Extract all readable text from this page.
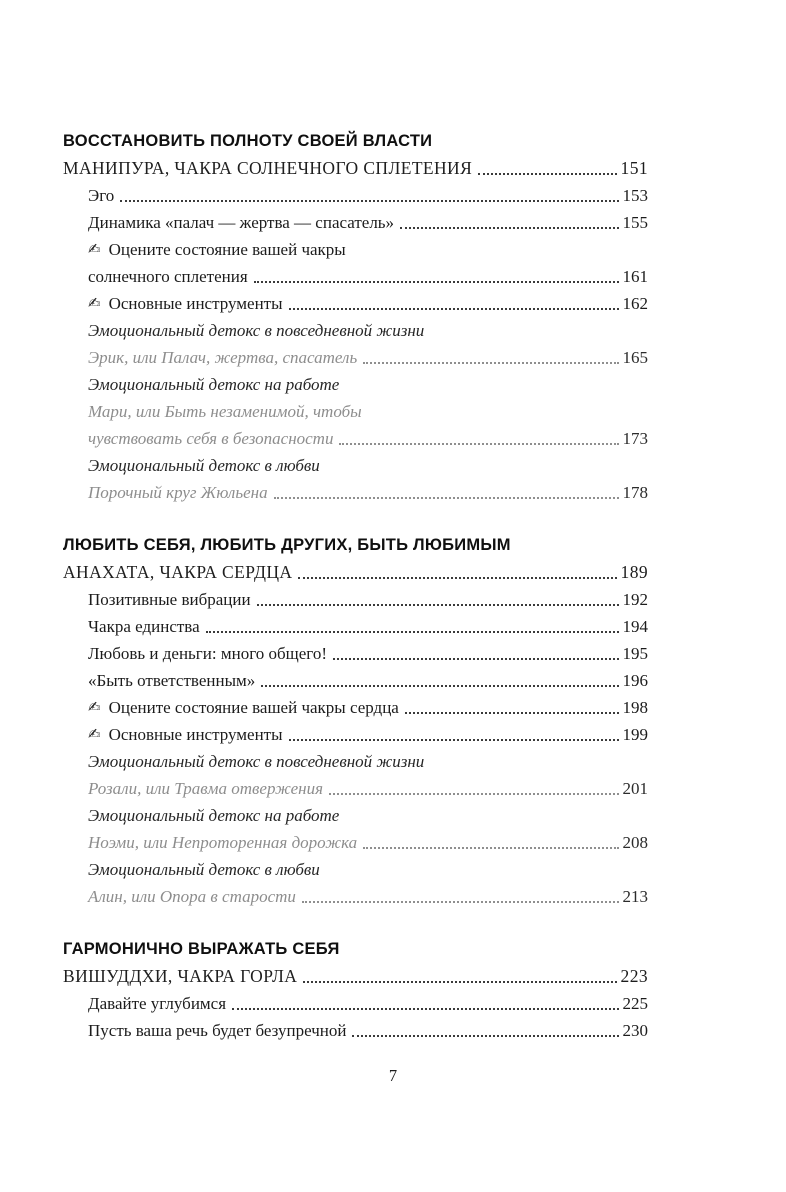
ВОССТАНОВИТЬ ПОЛНОТУ СВОЕЙ ВЛАСТИ
МАНИПУРА, ЧАКРА СОЛНЕЧНОГО СПЛЕТЕНИЯ	151
Эго	153
Динамика «палач — жертва — спасатель»	155
✍ Оцените состояние вашей чакры
солнечного сплетения	161
✍ Основные инструменты	162
Эмоциональный детокс в повседневной жизни
Эрик, или Палач, жертва, спасатель	165
Эмоциональный детокс на работе
Мари, или Быть незаменимой, чтобы
чувствовать себя в безопасности	173
Эмоциональный детокс в любви
Порочный круг Жюльена	178
ЛЮБИТЬ СЕБЯ, ЛЮБИТЬ ДРУГИХ, БЫТЬ ЛЮБИМЫМ
АНАХАТА, ЧАКРА СЕРДЦА	189
Позитивные вибрации	192
Чакра единства	194
Любовь и деньги: много общего!	195
«Быть ответственным»	196
✍ Оцените состояние вашей чакры сердца	198
✍ Основные инструменты	199
Эмоциональный детокс в повседневной жизни
Розали, или Травма отвержения	201
Эмоциональный детокс на работе
Ноэми, или Непроторенная дорожка	208
Эмоциональный детокс в любви
Алин, или Опора в старости	213
ГАРМОНИЧНО ВЫРАЖАТЬ СЕБЯ
ВИШУДДХИ, ЧАКРА ГОРЛА	223
Давайте углубимся	225
Пусть ваша речь будет безупречной	230
7
